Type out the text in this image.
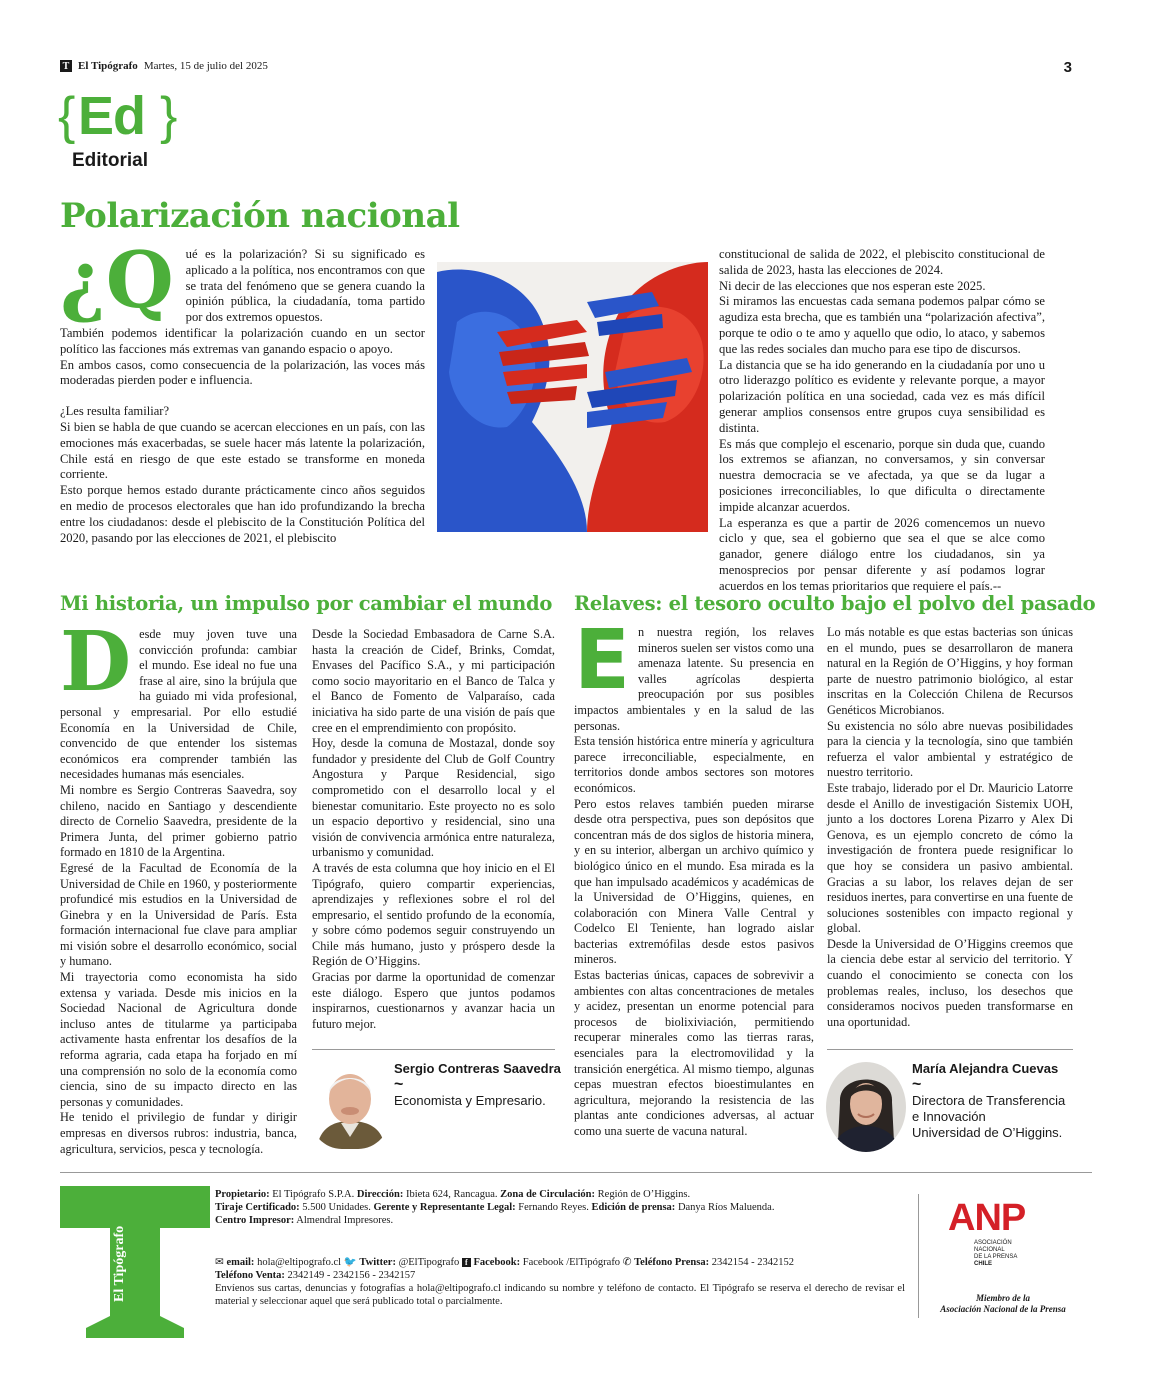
T El Tipógrafo Martes, 15 de julio del 2025	3
{ Ed }
Editorial
Polarización nacional

¿Q ué es la polarización? Si su significado es aplicado a la política, nos encontramos con que se trata del fenómeno que se genera cuando la opinión pública, la ciudadanía, toma partido por dos extremos opuestos.

También podemos identificar la polarización cuando en un sector político las facciones más extremas van ganando espacio o apoyo.

En ambos casos, como consecuencia de la polarización, las voces más moderadas pierden poder e influencia.

¿Les resulta familiar?

Si bien se habla de que cuando se acercan elecciones en un país, con las emociones más exacerbadas, se suele hacer más latente la polarización, Chile está en riesgo de que este estado se transforme en moneda corriente.

Esto porque hemos estado durante prácticamente cinco años seguidos en medio de procesos electorales que han ido profundizando la brecha entre los ciudadanos: desde el plebiscito de la Constitución Política del 2020, pasando por las elecciones de 2021, el plebiscito

constitucional de salida de 2022, el plebiscito constitucional de salida de 2023, hasta las elecciones de 2024.

Ni decir de las elecciones que nos esperan este 2025.

Si miramos las encuestas cada semana podemos palpar cómo se agudiza esta brecha, que es también una “polarización afectiva”, porque te odio o te amo y aquello que odio, lo ataco, y sabemos que las redes sociales dan mucho para ese tipo de discursos.

La distancia que se ha ido generando en la ciudadanía por uno u otro liderazgo político es evidente y relevante porque, a mayor polarización política en una sociedad, cada vez es más difícil generar amplios consensos entre grupos cuya sensibilidad es distinta.

Es más que complejo el escenario, porque sin duda que, cuando los extremos se afianzan, no conversamos, y sin conversar nuestra democracia se ve afectada, ya que se da lugar a posiciones irreconciliables, lo que dificulta o directamente impide alcanzar acuerdos.

La esperanza es que a partir de 2026 comencemos un nuevo ciclo y que, sea el gobierno que sea el que se alce como ganador, genere diálogo entre los ciudadanos, sin ya menosprecios por pensar diferente y así podamos lograr acuerdos en los temas prioritarios que requiere el país.--

Mi historia, un impulso por cambiar el mundo

Desde muy joven tuve una convicción profunda: cambiar el mundo. Ese ideal no fue una frase al aire, sino la brújula que ha guiado mi vida profesional, personal y empresarial. Por ello estudié Economía en la Universidad de Chile, convencido de que entender los sistemas económicos era comprender también las necesidades humanas más esenciales.

Mi nombre es Sergio Contreras Saavedra, soy chileno, nacido en Santiago y descendiente directo de Cornelio Saavedra, presidente de la Primera Junta, del primer gobierno patrio formado en 1810 de la Argentina.

Egresé de la Facultad de Economía de la Universidad de Chile en 1960, y posteriormente profundicé mis estudios en la Universidad de Ginebra y en la Universidad de París. Esta formación internacional fue clave para ampliar mi visión sobre el desarrollo económico, social y humano.

Mi trayectoria como economista ha sido extensa y variada. Desde mis inicios en la Sociedad Nacional de Agricultura donde incluso antes de titularme ya participaba activamente hasta enfrentar los desafíos de la reforma agraria, cada etapa ha forjado en mí una comprensión no solo de la economía como ciencia, sino de su impacto directo en las personas y comunidades.

He tenido el privilegio de fundar y dirigir empresas en diversos rubros: industria, banca, agricultura, servicios, pesca y tecnología.

Desde la Sociedad Embasadora de Carne S.A. hasta la creación de Cidef, Brinks, Comdat, Envases del Pacífico S.A., y mi participación como socio mayoritario en el Banco de Talca y el Banco de Fomento de Valparaíso, cada iniciativa ha sido parte de una visión de país que cree en el emprendimiento con propósito.

Hoy, desde la comuna de Mostazal, donde soy fundador y presidente del Club de Golf Country Angostura y Parque Residencial, sigo comprometido con el desarrollo local y el bienestar comunitario. Este proyecto no es solo un espacio deportivo y residencial, sino una visión de convivencia armónica entre naturaleza, urbanismo y comunidad.

A través de esta columna que hoy inicio en el El Tipógrafo, quiero compartir experiencias, aprendizajes y reflexiones sobre el rol del empresario, el sentido profundo de la economía, y sobre cómo podemos seguir construyendo un Chile más humano, justo y próspero desde la Región de O’Higgins.

Gracias por darme la oportunidad de comenzar este diálogo. Espero que juntos podamos inspirarnos, cuestionarnos y avanzar hacia un futuro mejor.

Sergio Contreras Saavedra
~
Economista y Empresario.
Relaves: el tesoro oculto bajo el polvo del pasado

En nuestra región, los relaves mineros suelen ser vistos como una amenaza latente. Su presencia en valles agrícolas despierta preocupación por sus posibles impactos ambientales y en la salud de las personas.

Esta tensión histórica entre minería y agricultura parece irreconciliable, especialmente, en territorios donde ambos sectores son motores económicos.

Pero estos relaves también pueden mirarse desde otra perspectiva, pues son depósitos que concentran más de dos siglos de historia minera, y en su interior, albergan un archivo químico y biológico único en el mundo. Esa mirada es la que han impulsado académicos y académicas de la Universidad de O’Higgins, quienes, en colaboración con Minera Valle Central y Codelco El Teniente, han logrado aislar bacterias extremófilas desde estos pasivos mineros.

Estas bacterias únicas, capaces de sobrevivir a ambientes con altas concentraciones de metales y acidez, presentan un enorme potencial para procesos de biolixiviación, permitiendo recuperar minerales como las tierras raras, esenciales para la electromovilidad y la transición energética. Al mismo tiempo, algunas cepas muestran efectos bioestimulantes en agricultura, mejorando la resistencia de las plantas ante condiciones adversas, al actuar como una suerte de vacuna natural.

Lo más notable es que estas bacterias son únicas en el mundo, pues se desarrollaron de manera natural en la Región de O’Higgins, y hoy forman parte de nuestro patrimonio biológico, al estar inscritas en la Colección Chilena de Recursos Genéticos Microbianos.

Su existencia no sólo abre nuevas posibilidades para la ciencia y la tecnología, sino que también refuerza el valor ambiental y estratégico de nuestro territorio.

Este trabajo, liderado por el Dr. Mauricio Latorre desde el Anillo de investigación Sistemix UOH, junto a los doctores Lorena Pizarro y Alex Di Genova, es un ejemplo concreto de cómo la investigación de frontera puede resignificar lo que hoy se considera un pasivo ambiental. Gracias a su labor, los relaves dejan de ser residuos inertes, para convertirse en una fuente de soluciones sostenibles con impacto regional y global.

Desde la Universidad de O’Higgins creemos que la ciencia debe estar al servicio del territorio. Y cuando el conocimiento se conecta con los problemas reales, incluso, los desechos que consideramos nocivos pueden transformarse en una oportunidad.

María Alejandra Cuevas
~
Directora de Transferencia
e Innovación
Universidad de O’Higgins.
El Tipógrafo
Propietario: El Tipógrafo S.P.A. Dirección: Ibieta 624, Rancagua. Zona de Circulación: Región de O’Higgins.
Tiraje Certificado: 5.500 Unidades. Gerente y Representante Legal: Fernando Reyes. Edición de prensa: Danya Ríos Maluenda.
Centro Impresor: Almendral Impresores.
✉ email: hola@eltipografo.cl 🐦 Twitter: @ElTipografo f Facebook: Facebook /ElTipógrafo ✆ Teléfono Prensa: 2342154 - 2342152
Teléfono Venta: 2342149 - 2342156 - 2342157
Envíenos sus cartas, denuncias y fotografías a hola@eltipografo.cl indicando su nombre y teléfono de contacto. El Tipógrafo se reserva el derecho de revisar el material y seleccionar aquel que será publicado total o parcialmente.
ANP
ASOCIACIÓN
NACIONAL
DE LA PRENSA
CHILE
Miembro de la
Asociación Nacional de la Prensa
